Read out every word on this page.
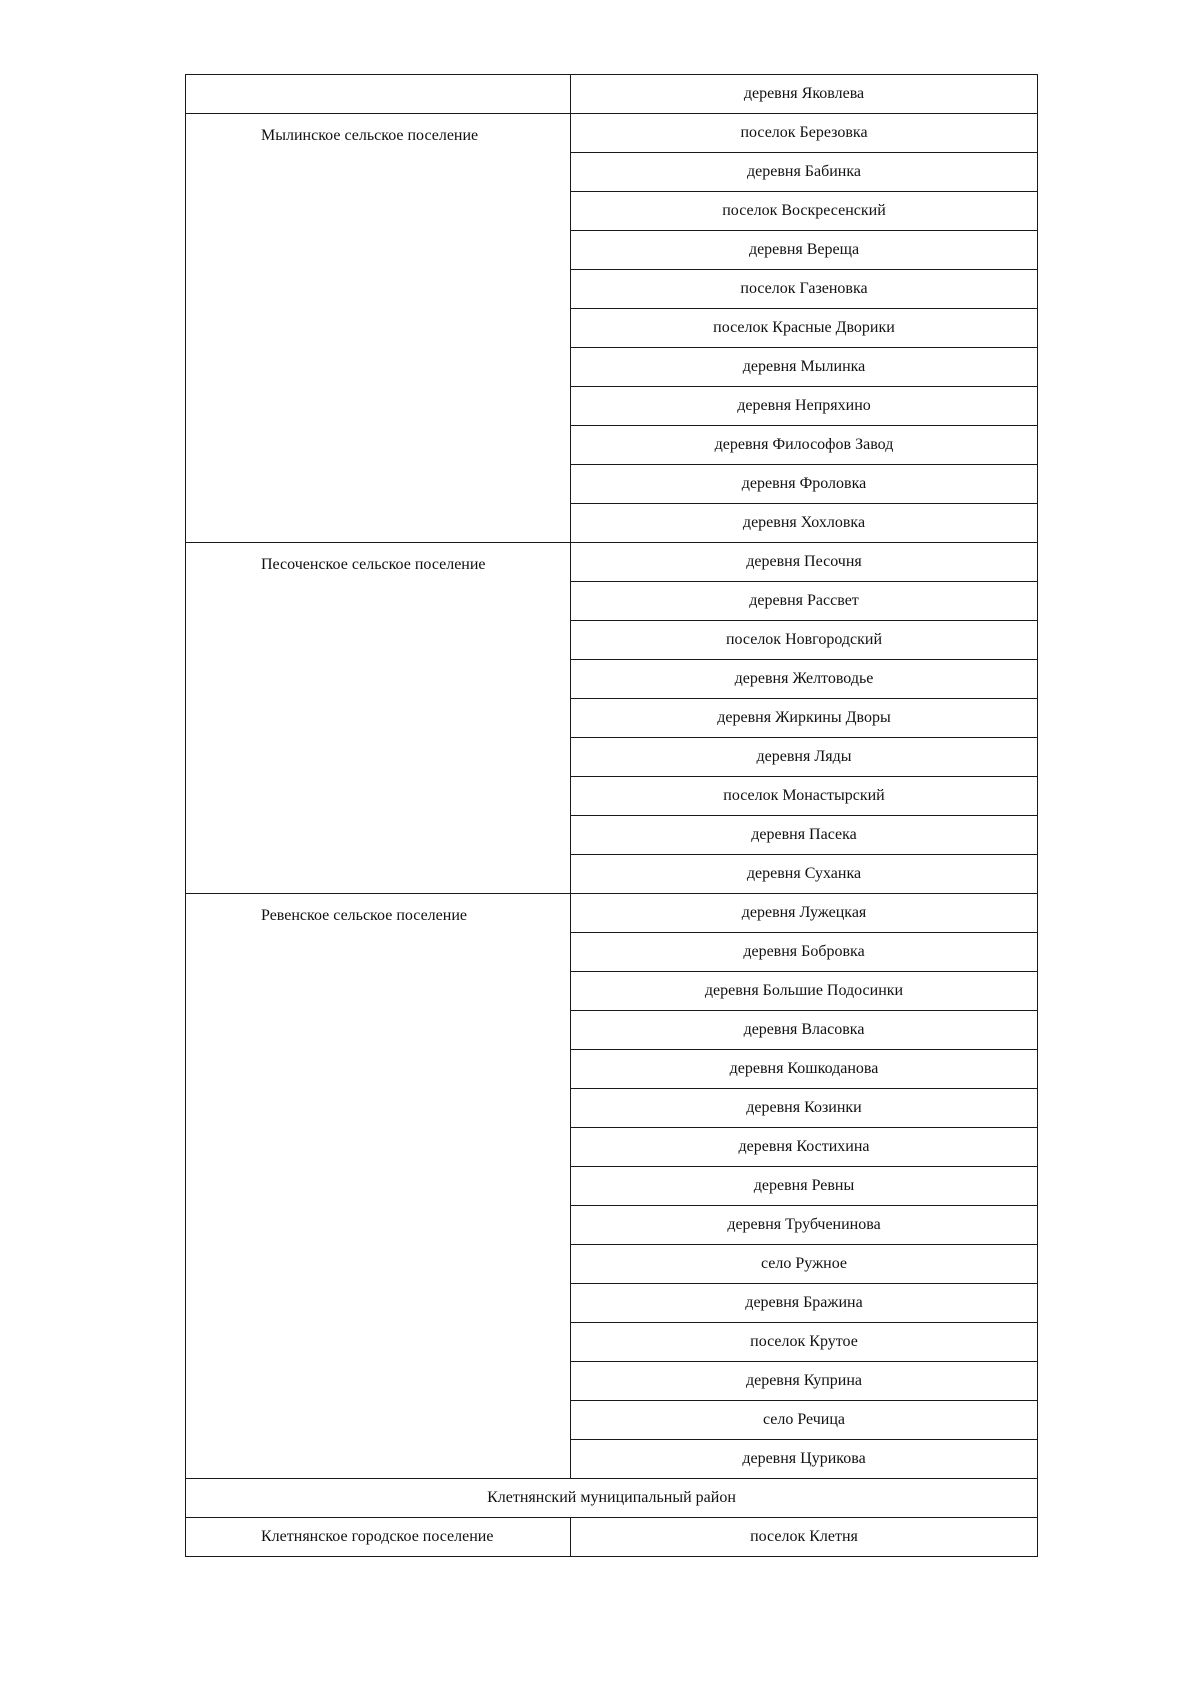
	деревня Яковлева
Мылинское сельское поселение	поселок Березовка
	деревня Бабинка
	поселок Воскресенский
	деревня Вереща
	поселок Газеновка
	поселок Красные Дворики
	деревня Мылинка
	деревня Непряхино
	деревня Философов Завод
	деревня Фроловка
	деревня Хохловка
Песоченское сельское поселение	деревня Песочня
	деревня Рассвет
	поселок Новгородский
	деревня Желтоводье
	деревня Жиркины Дворы
	деревня Ляды
	поселок Монастырский
	деревня Пасека
	деревня Суханка
Ревенское сельское поселение	деревня Лужецкая
	деревня Бобровка
	деревня Большие Подосинки
	деревня Власовка
	деревня Кошкоданова
	деревня Козинки
	деревня Костихина
	деревня Ревны
	деревня Трубченинова
	село Ружное
	деревня Бражина
	поселок Крутое
	деревня Куприна
	село Речица
	деревня Цурикова
Клетнянский муниципальный район	
Клетнянское городское поселение	поселок Клетня
